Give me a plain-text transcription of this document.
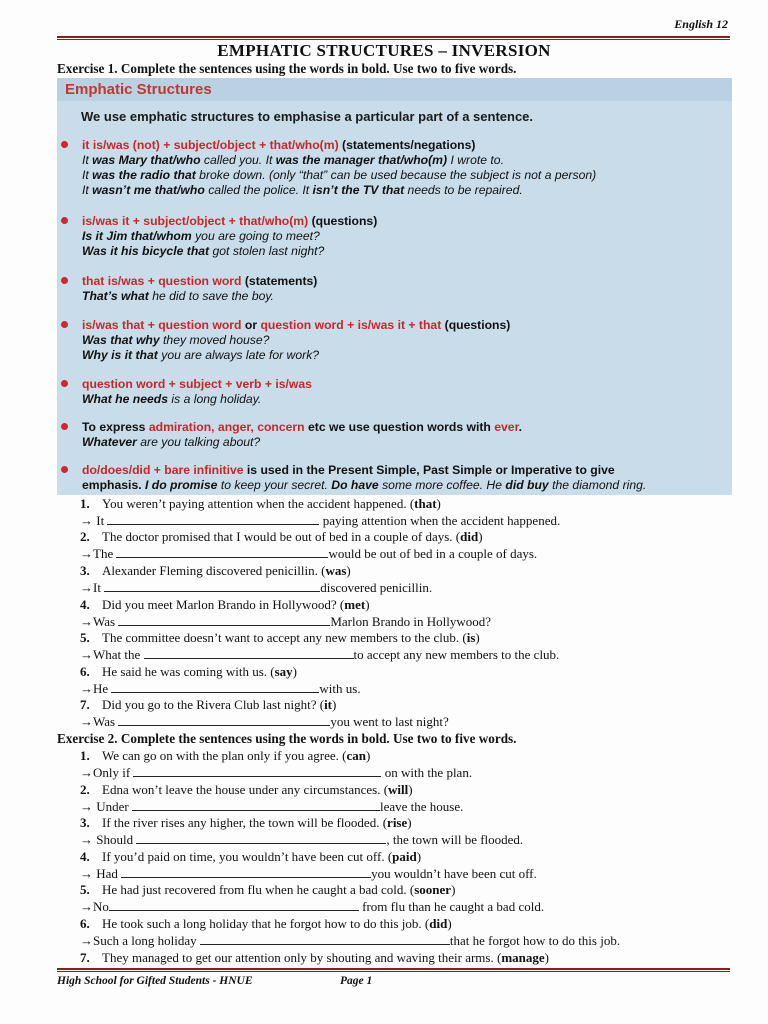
English 12
EMPHATIC STRUCTURES – INVERSION
Exercise 1. Complete the sentences using the words in bold. Use two to five words.
Emphatic Structures
We use emphatic structures to emphasise a particular part of a sentence.
it is/was (not) + subject/object + that/who(m) (statements/negations)
It was Mary that/who called you. It was the manager that/who(m) I wrote to.
It was the radio that broke down. (only “that” can be used because the subject is not a person)
It wasn’t me that/who called the police. It isn’t the TV that needs to be repaired.
is/was it + subject/object + that/who(m) (questions)
Is it Jim that/whom you are going to meet?
Was it his bicycle that got stolen last night?
that is/was + question word (statements)
That’s what he did to save the boy.
is/was that + question word or question word + is/was it + that (questions)
Was that why they moved house?
Why is it that you are always late for work?
question word + subject + verb + is/was
What he needs is a long holiday.
To express admiration, anger, concern etc we use question words with ever.
Whatever are you talking about?
do/does/did + bare infinitive is used in the Present Simple, Past Simple or Imperative to give
emphasis. I do promise to keep your secret. Do have some more coffee. He did buy the diamond ring.
1. You weren’t paying attention when the accident happened. (that)
→ It	paying attention when the accident happened.
2. The doctor promised that I would be out of bed in a couple of days. (did)
→The	would be out of bed in a couple of days.
3. Alexander Fleming discovered penicillin. (was)
→It	discovered penicillin.
4. Did you meet Marlon Brando in Hollywood? (met)
→Was	Marlon Brando in Hollywood?
5. The committee doesn’t want to accept any new members to the club. (is)
→What the	to accept any new members to the club.
6. He said he was coming with us. (say)
→He	with us.
7. Did you go to the Rivera Club last night? (it)
→Was	you went to last night?
Exercise 2. Complete the sentences using the words in bold. Use two to five words.
1. We can go on with the plan only if you agree. (can)
→Only if	on with the plan.
2. Edna won’t leave the house under any circumstances. (will)
→ Under	leave the house.
3. If the river rises any higher, the town will be flooded. (rise)
→ Should	, the town will be flooded.
4. If you’d paid on time, you wouldn’t have been cut off. (paid)
→ Had	you wouldn’t have been cut off.
5. He had just recovered from flu when he caught a bad cold. (sooner)
→No	from flu than he caught a bad cold.
6. He took such a long holiday that he forgot how to do this job. (did)
→Such a long holiday	that he forgot how to do this job.
7. They managed to get our attention only by shouting and waving their arms. (manage)
High School for Gifted Students - HNUE	Page 1
